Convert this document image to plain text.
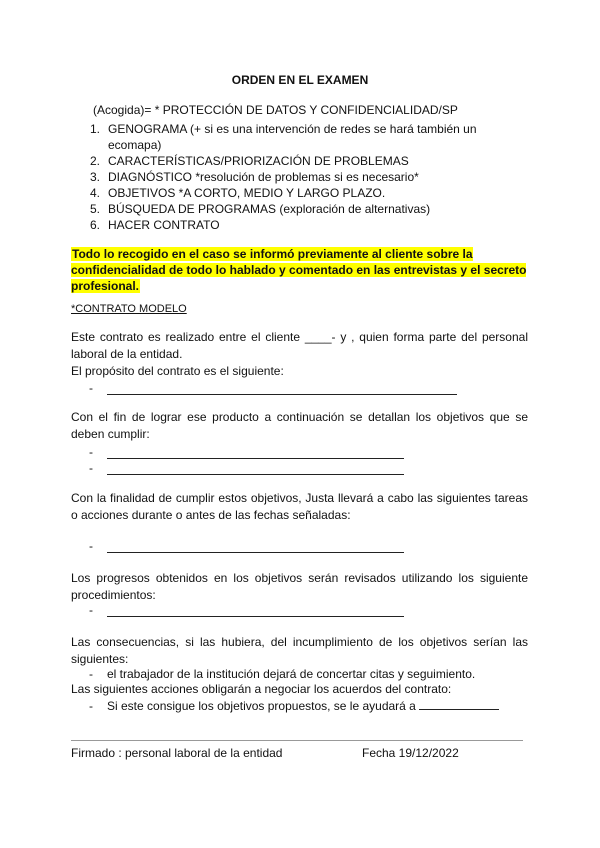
ORDEN EN EL EXAMEN

(Acogida)= * PROTECCIÓN DE DATOS Y CONFIDENCIALIDAD/SP

1. GENOGRAMA (+ si es una intervención de redes se hará también un ecomapa)
2. CARACTERÍSTICAS/PRIORIZACIÓN DE PROBLEMAS
3. DIAGNÓSTICO *resolución de problemas si es necesario*
4. OBJETIVOS *A CORTO, MEDIO Y LARGO PLAZO.
5. BÚSQUEDA DE PROGRAMAS (exploración de alternativas)
6. HACER CONTRATO

Todo lo recogido en el caso se informó previamente al cliente sobre la confidencialidad de todo lo hablado y comentado en las entrevistas y el secreto profesional.

*CONTRATO MODELO

Este contrato es realizado entre el cliente ____- y , quien forma parte del personal laboral de la entidad.

El propósito del contrato es el siguiente:

-

Con el fin de lograr ese producto a continuación se detallan los objetivos que se deben cumplir:

-
-

Con la finalidad de cumplir estos objetivos, Justa llevará a cabo las siguientes tareas o acciones durante o antes de las fechas señaladas:

-

Los progresos obtenidos en los objetivos serán revisados utilizando los siguiente procedimientos:

-

Las consecuencias, si las hubiera, del incumplimiento de los objetivos serían las siguientes:

- el trabajador de la institución dejará de concertar citas y seguimiento.

Las siguientes acciones obligarán a negociar los acuerdos del contrato:

- Si este consigue los objetivos propuestos, se le ayudará a

Firmado : personal laboral de la entidad	Fecha 19/12/2022
